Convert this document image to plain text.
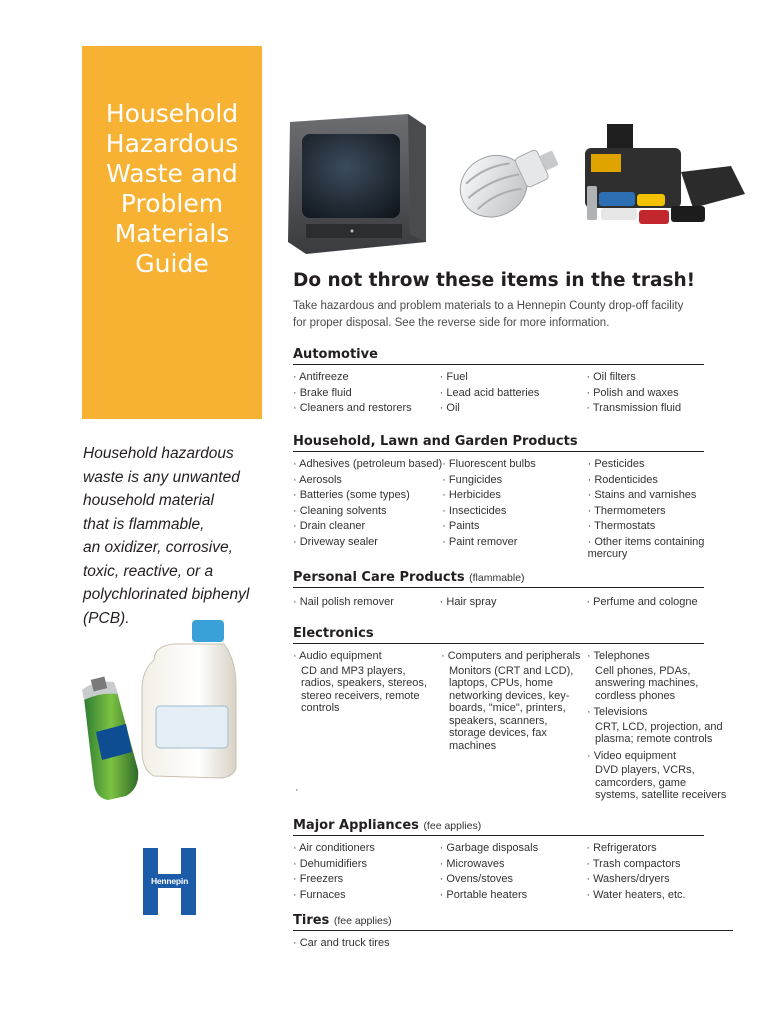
Household
Hazardous
Waste and
Problem
Materials
Guide
Household hazardous
waste is any unwanted
household material
that is flammable,
an oxidizer, corrosive,
toxic, reactive, or a
polychlorinated biphenyl
(PCB).
Do not throw these items in the trash!
Take hazardous and problem materials to a Hennepin County drop-off facility
for proper disposal. See the reverse side for more information.
Automotive
· Antifreeze
· Brake fluid
· Cleaners and restorers
· Fuel
· Lead acid batteries
· Oil
· Oil filters
· Polish and waxes
· Transmission fluid
Household, Lawn and Garden Products
· Adhesives (petroleum based)
· Aerosols
· Batteries (some types)
· Cleaning solvents
· Drain cleaner
· Driveway sealer
· Fluorescent bulbs
· Fungicides
· Herbicides
· Insecticides
· Paints
· Paint remover
· Pesticides
· Rodenticides
· Stains and varnishes
· Thermometers
· Thermostats
· Other items containing mercury
Personal Care Products (flammable)
· Nail polish remover	· Hair spray	· Perfume and cologne
Electronics
· Audio equipment
CD and MP3 players, radios, speakers, stereos, stereo receivers, remote controls
· Computers and peripherals
Monitors (CRT and LCD), laptops, CPUs, home networking devices, key-boards, "mice", printers, speakers, scanners, storage devices, fax machines
· Telephones
Cell phones, PDAs, answering machines, cordless phones
· Televisions
CRT, LCD, projection, and plasma; remote controls
· Video equipment
DVD players, VCRs, camcorders, game systems, satellite receivers
·
Major Appliances (fee applies)
· Air conditioners
· Dehumidifiers
· Freezers
· Furnaces
· Garbage disposals
· Microwaves
· Ovens/stoves
· Portable heaters
· Refrigerators
· Trash compactors
· Washers/dryers
· Water heaters, etc.
Tires (fee applies)
· Car and truck tires
Hennepin
